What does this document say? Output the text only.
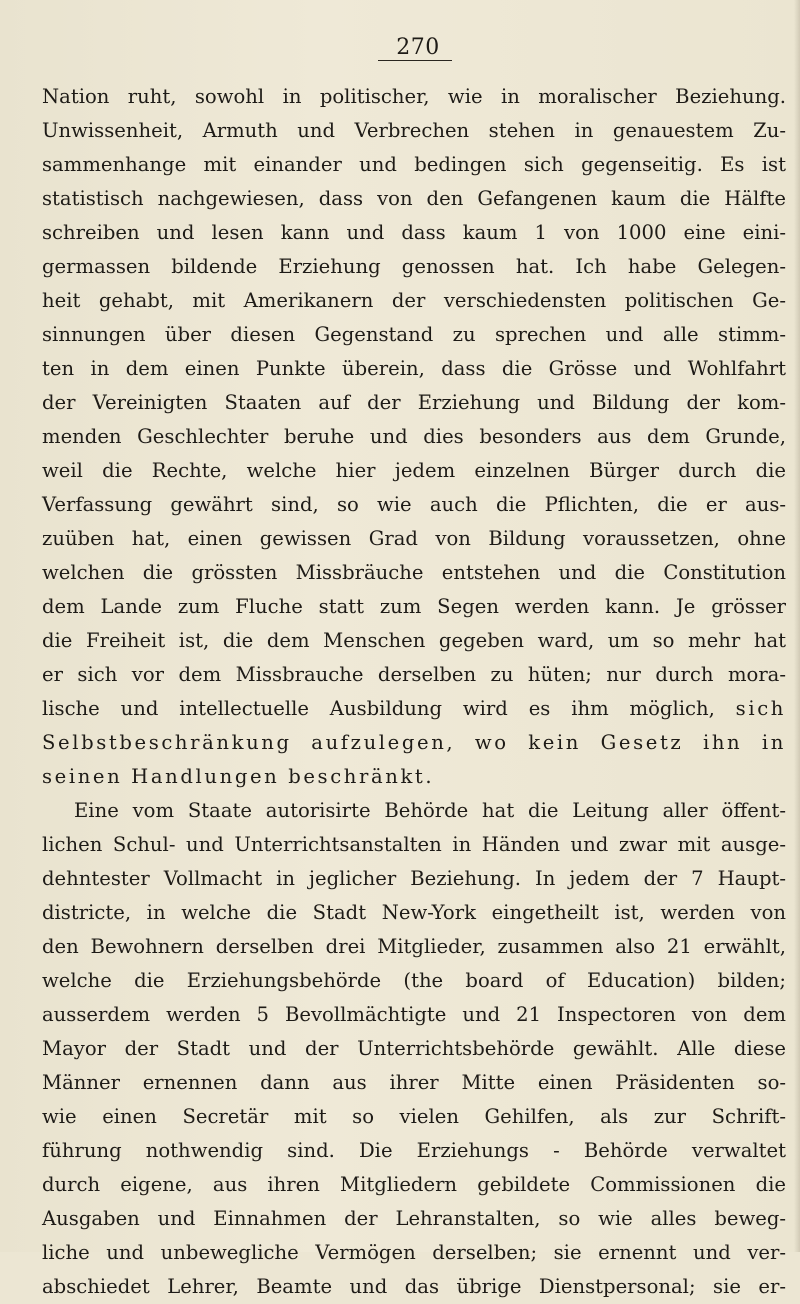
270
Nation ruht, sowohl in politischer, wie in moralischer Beziehung.
Unwissenheit, Armuth und Verbrechen stehen in genauestem Zu-
sammenhange mit einander und bedingen sich gegenseitig. Es ist
statistisch nachgewiesen, dass von den Gefangenen kaum die Hälfte
schreiben und lesen kann und dass kaum 1 von 1000 eine eini-
germassen bildende Erziehung genossen hat. Ich habe Gelegen-
heit gehabt, mit Amerikanern der verschiedensten politischen Ge-
sinnungen über diesen Gegenstand zu sprechen und alle stimm-
ten in dem einen Punkte überein, dass die Grösse und Wohlfahrt
der Vereinigten Staaten auf der Erziehung und Bildung der kom-
menden Geschlechter beruhe und dies besonders aus dem Grunde,
weil die Rechte, welche hier jedem einzelnen Bürger durch die
Verfassung gewährt sind, so wie auch die Pflichten, die er aus-
zuüben hat, einen gewissen Grad von Bildung voraussetzen, ohne
welchen die grössten Missbräuche entstehen und die Constitution
dem Lande zum Fluche statt zum Segen werden kann. Je grösser
die Freiheit ist, die dem Menschen gegeben ward, um so mehr hat
er sich vor dem Missbrauche derselben zu hüten; nur durch mora-
lische und intellectuelle Ausbildung wird es ihm möglich, sich
Selbstbeschränkung aufzulegen, wo kein Gesetz ihn in
seinen Handlungen beschränkt.
Eine vom Staate autorisirte Behörde hat die Leitung aller öffent-
lichen Schul- und Unterrichtsanstalten in Händen und zwar mit ausge-
dehntester Vollmacht in jeglicher Beziehung. In jedem der 7 Haupt-
districte, in welche die Stadt New-York eingetheilt ist, werden von
den Bewohnern derselben drei Mitglieder, zusammen also 21 erwählt,
welche die Erziehungsbehörde (the board of Education) bilden;
ausserdem werden 5 Bevollmächtigte und 21 Inspectoren von dem
Mayor der Stadt und der Unterrichtsbehörde gewählt. Alle diese
Männer ernennen dann aus ihrer Mitte einen Präsidenten so-
wie einen Secretär mit so vielen Gehilfen, als zur Schrift-
führung nothwendig sind. Die Erziehungs - Behörde verwaltet
durch eigene, aus ihren Mitgliedern gebildete Commissionen die
Ausgaben und Einnahmen der Lehranstalten, so wie alles beweg-
liche und unbewegliche Vermögen derselben; sie ernennt und ver-
abschiedet Lehrer, Beamte und das übrige Dienstpersonal; sie er-
